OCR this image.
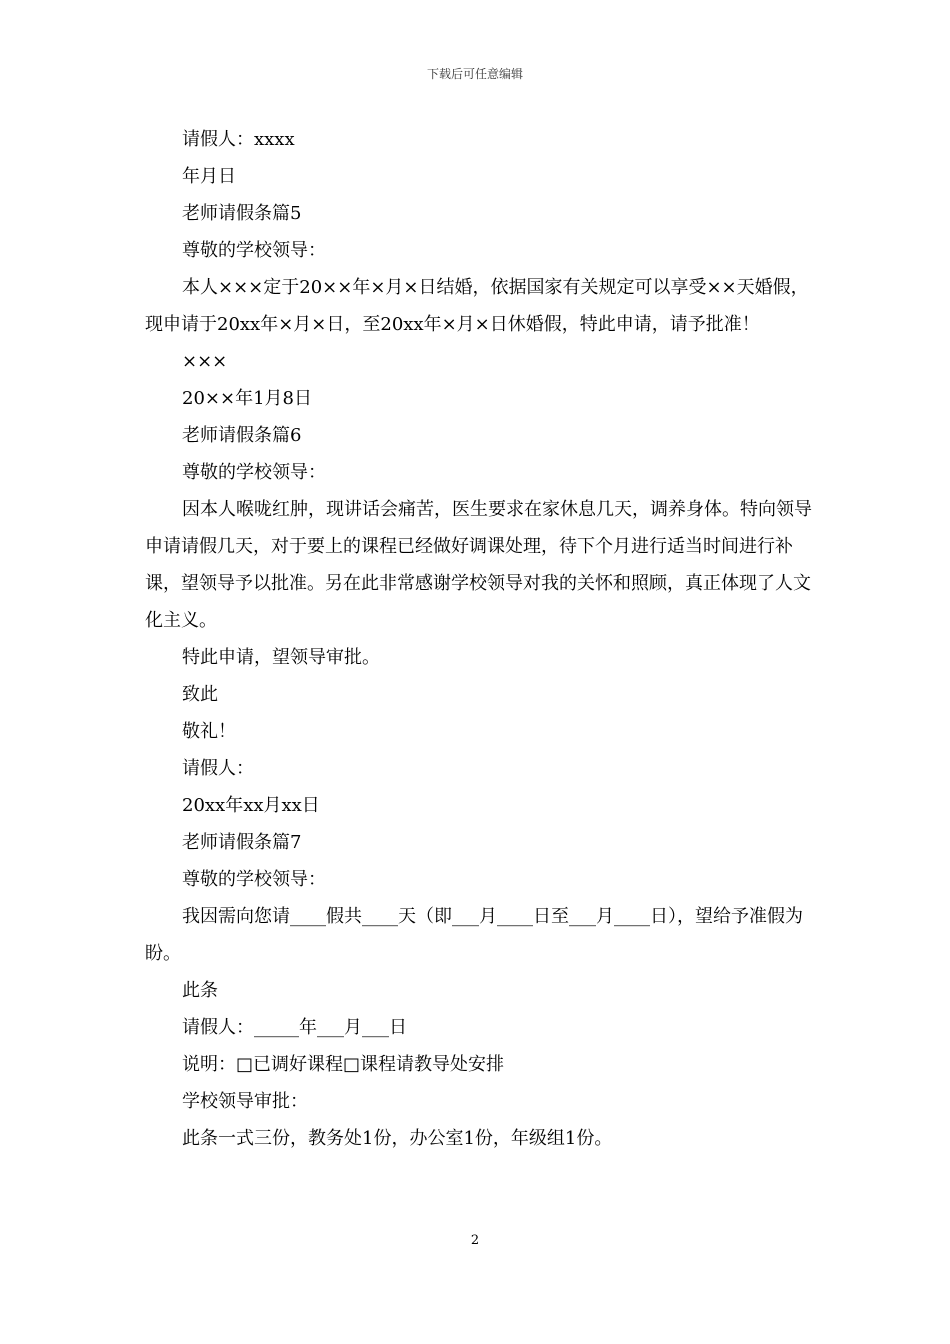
下载后可任意编辑

请假人：xxxx

年月日

老师请假条篇5

尊敬的学校领导：

本人×××定于20××年×月×日结婚，依据国家有关规定可以享受××天婚假，现申请于20xx年×月×日，至20xx年×月×日休婚假，特此申请，请予批准！

×××

20××年1月8日

老师请假条篇6

尊敬的学校领导：

因本人喉咙红肿，现讲话会痛苦，医生要求在家休息几天，调养身体。特向领导申请请假几天，对于要上的课程已经做好调课处理，待下个月进行适当时间进行补课，望领导予以批准。另在此非常感谢学校领导对我的关怀和照顾，真正体现了人文化主义。

特此申请，望领导审批。

致此

敬礼！

请假人：

20xx年xx月xx日

老师请假条篇7

尊敬的学校领导：

我因需向您请____假共____天（即___月____日至___月____日），望给予准假为盼。

此条

请假人：_____年___月___日

说明：□已调好课程□课程请教导处安排

学校领导审批：

此条一式三份，教务处1份，办公室1份，年级组1份。

2
